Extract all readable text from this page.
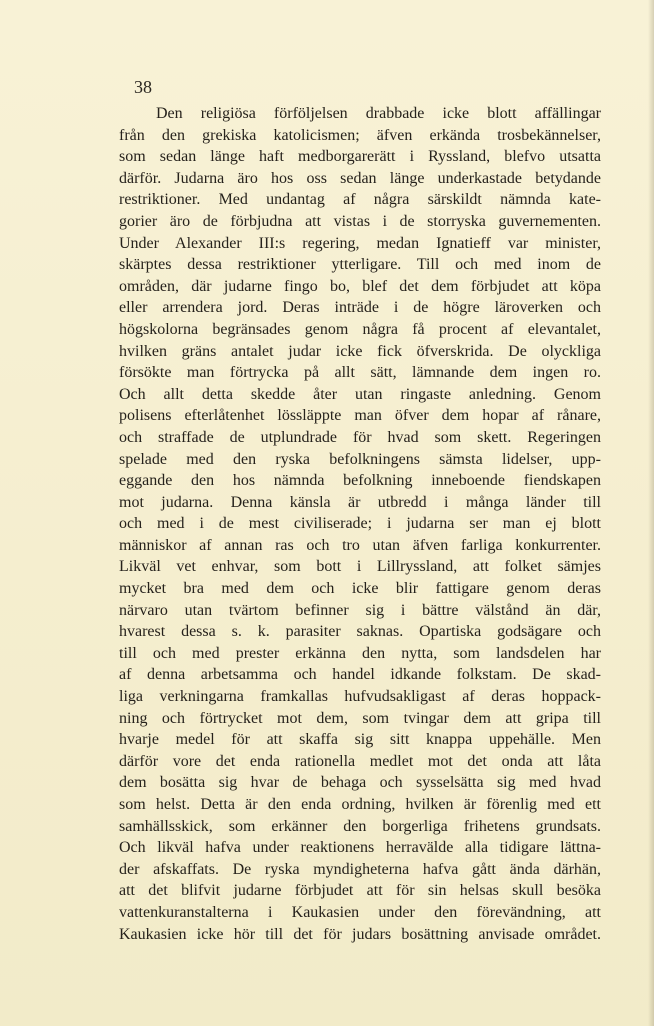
38
Den religiösa förföljelsen drabbade icke blott affällingar
från den grekiska katolicismen; äfven erkända trosbekännelser,
som sedan länge haft medborgarerätt i Ryssland, blefvo utsatta
därför. Judarna äro hos oss sedan länge underkastade betydande
restriktioner. Med undantag af några särskildt nämnda kate-
gorier äro de förbjudna att vistas i de storryska guvernementen.
Under Alexander III:s regering, medan Ignatieff var minister,
skärptes dessa restriktioner ytterligare. Till och med inom de
områden, där judarne fingo bo, blef det dem förbjudet att köpa
eller arrendera jord. Deras inträde i de högre läroverken och
högskolorna begränsades genom några få procent af elevantalet,
hvilken gräns antalet judar icke fick öfverskrida. De olyckliga
försökte man förtrycka på allt sätt, lämnande dem ingen ro.
Och allt detta skedde åter utan ringaste anledning. Genom
polisens efterlåtenhet lössläppte man öfver dem hopar af rånare,
och straffade de utplundrade för hvad som skett. Regeringen
spelade med den ryska befolkningens sämsta lidelser, upp-
eggande den hos nämnda befolkning inneboende fiendskapen
mot judarna. Denna känsla är utbredd i många länder till
och med i de mest civiliserade; i judarna ser man ej blott
människor af annan ras och tro utan äfven farliga konkurrenter.
Likväl vet enhvar, som bott i Lillryssland, att folket sämjes
mycket bra med dem och icke blir fattigare genom deras
närvaro utan tvärtom befinner sig i bättre välstånd än där,
hvarest dessa s. k. parasiter saknas. Opartiska godsägare och
till och med prester erkänna den nytta, som landsdelen har
af denna arbetsamma och handel idkande folkstam. De skad-
liga verkningarna framkallas hufvudsakligast af deras hoppack-
ning och förtrycket mot dem, som tvingar dem att gripa till
hvarje medel för att skaffa sig sitt knappa uppehälle. Men
därför vore det enda rationella medlet mot det onda att låta
dem bosätta sig hvar de behaga och sysselsätta sig med hvad
som helst. Detta är den enda ordning, hvilken är förenlig med ett
samhällsskick, som erkänner den borgerliga frihetens grundsats.
Och likväl hafva under reaktionens herravälde alla tidigare lättna-
der afskaffats. De ryska myndigheterna hafva gått ända därhän,
att det blifvit judarne förbjudet att för sin helsas skull besöka
vattenkuranstalterna i Kaukasien under den förevändning, att
Kaukasien icke hör till det för judars bosättning anvisade området.
